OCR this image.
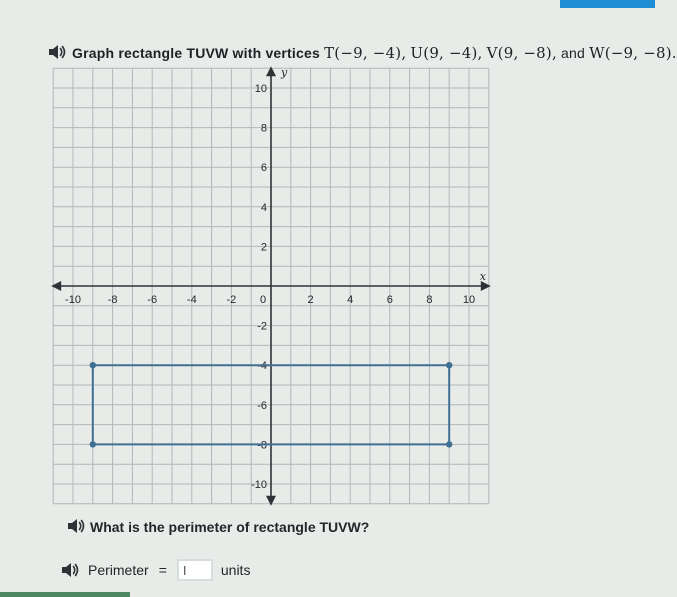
Graph rectangle TUVW with vertices T(−9, −4), U(9, −4), V(9, −8), and W(−9, −8).
-10 -8	-6	-4	-2 0	2	4	6	8	10
10
8
6
4
2
-2
-4
-6
-8
-10
x
y
What is the perimeter of rectangle TUVW?
Perimeter =
I	units
